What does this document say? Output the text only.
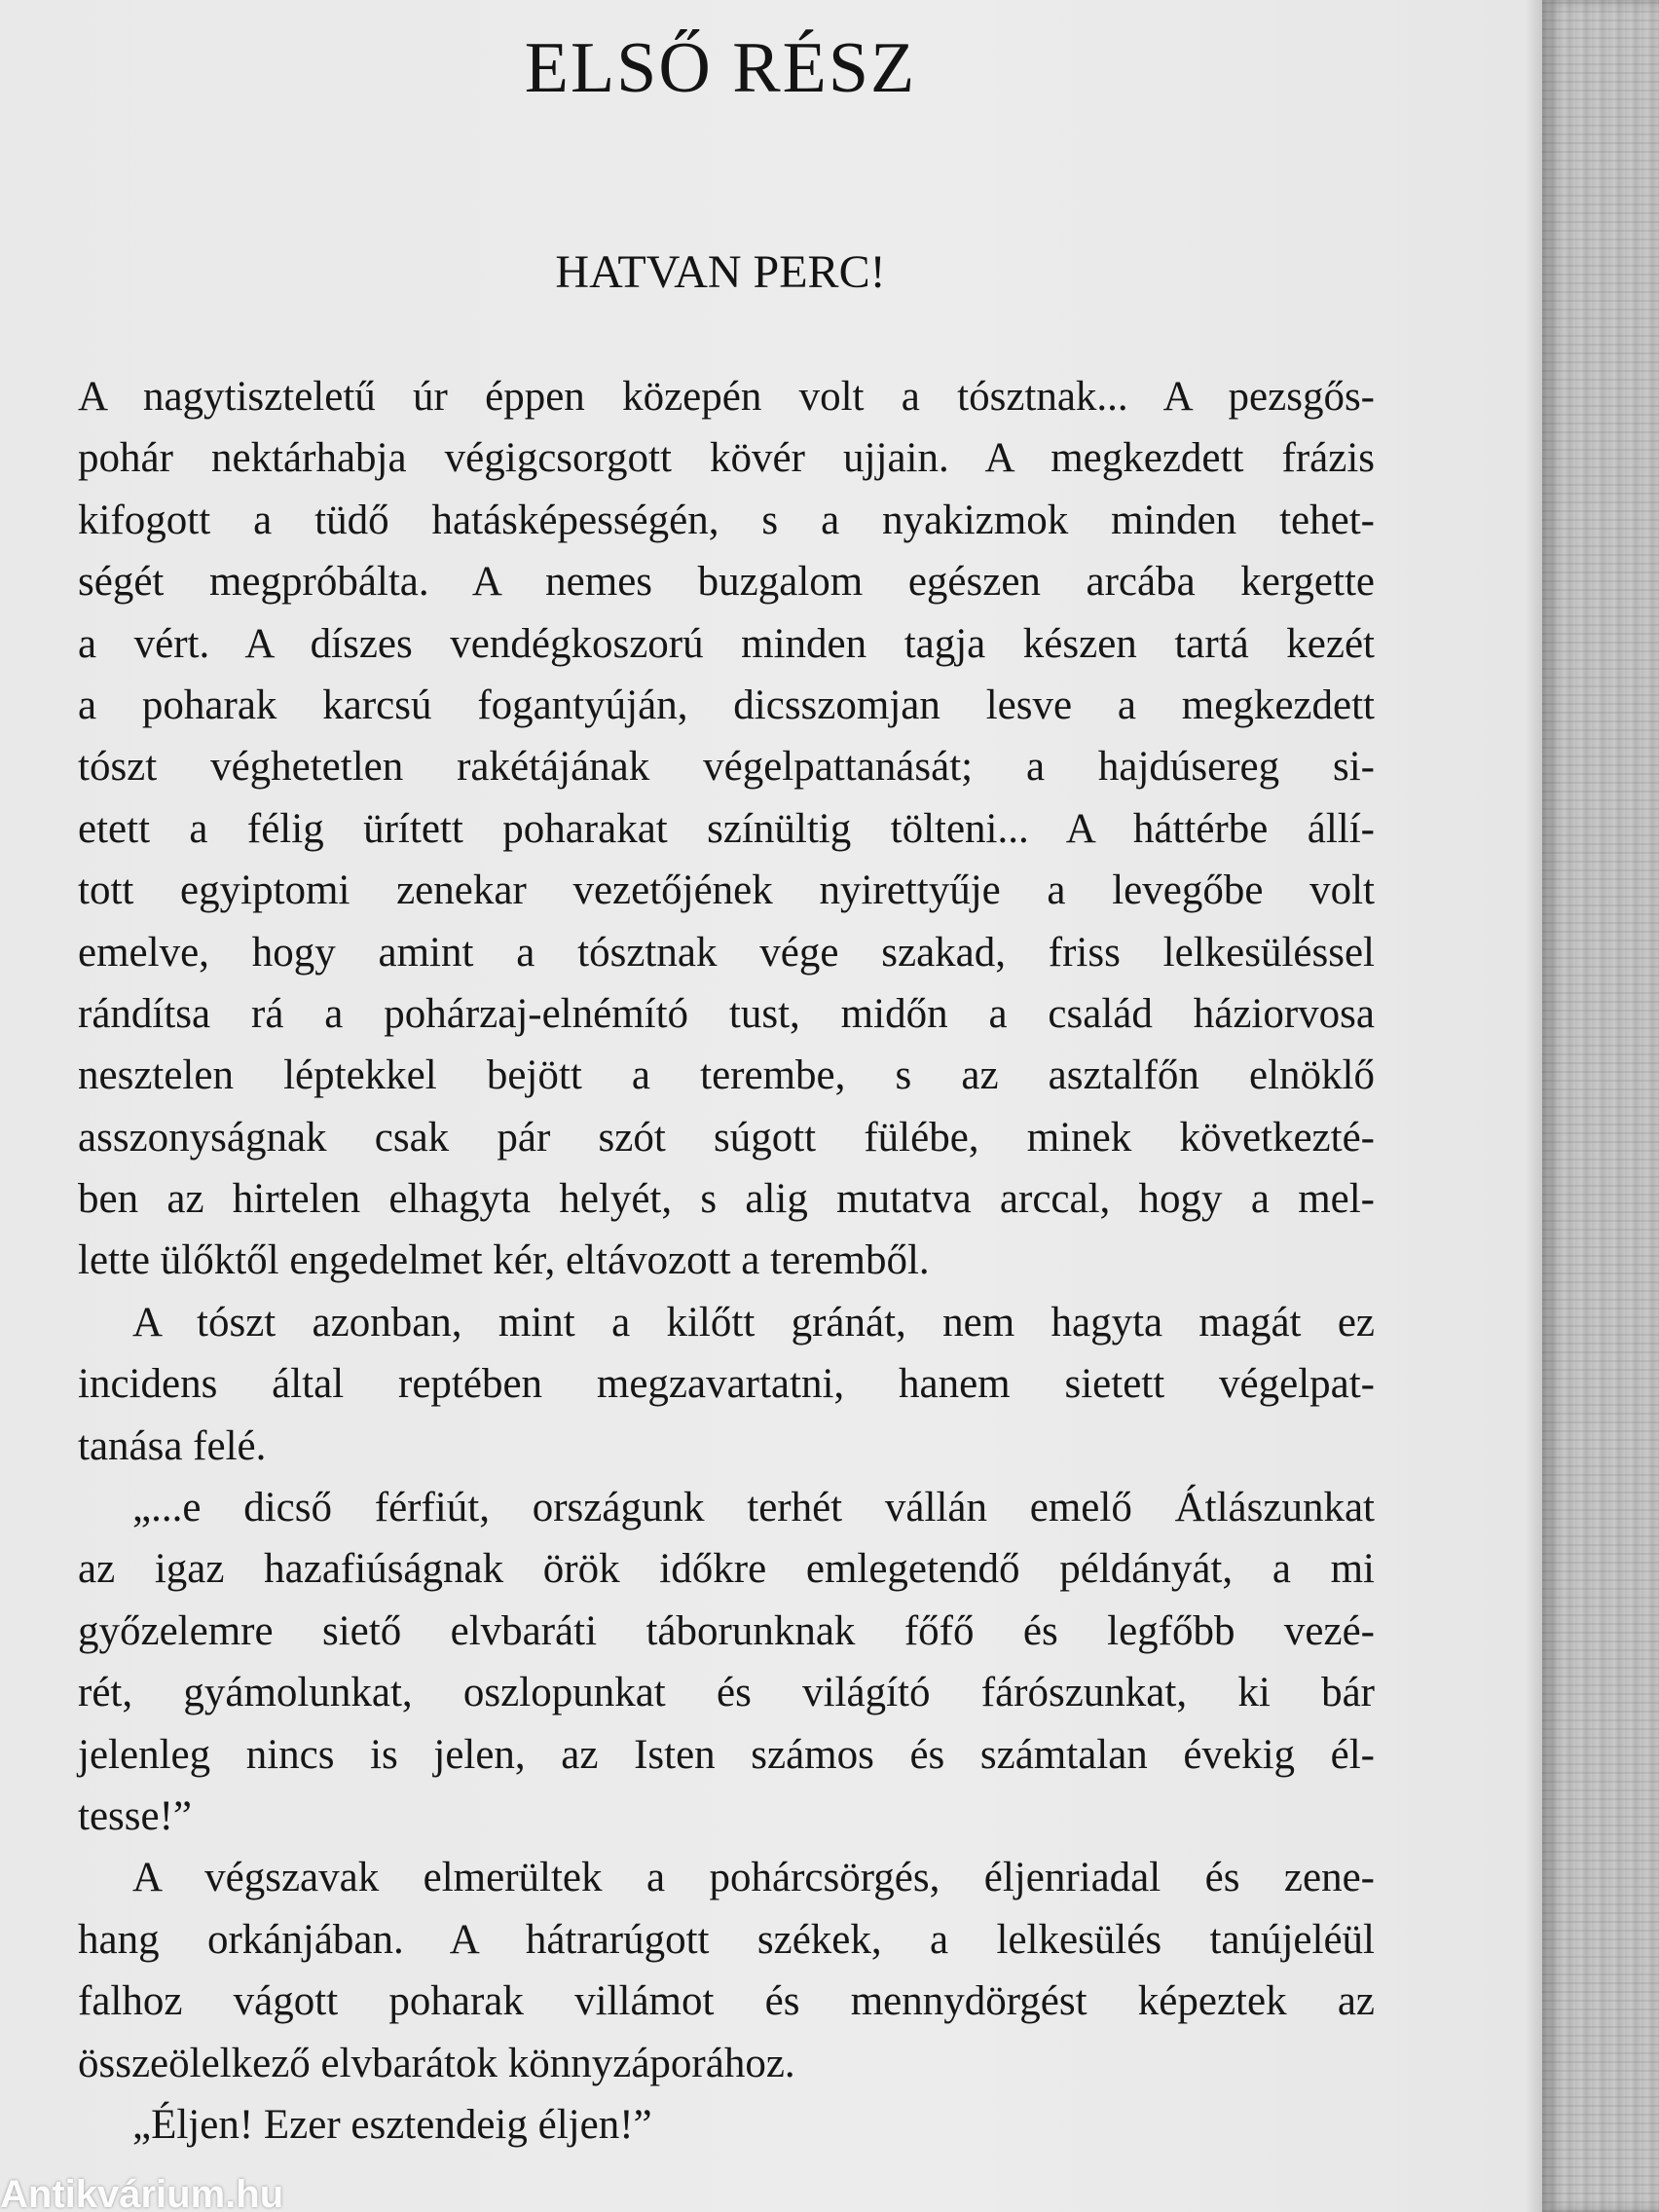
ELSŐ RÉSZ
HATVAN PERC!
A nagytiszteletű úr éppen közepén volt a tósztnak... A pezsgős-
pohár nektárhabja végigcsorgott kövér ujjain. A megkezdett frázis
kifogott a tüdő hatásképességén, s a nyakizmok minden tehet-
ségét megpróbálta. A nemes buzgalom egészen arcába kergette
a vért. A díszes vendégkoszorú minden tagja készen tartá kezét
a poharak karcsú fogantyúján, dicsszomjan lesve a megkezdett
tószt véghetetlen rakétájának végelpattanását; a hajdúsereg si-
etett a félig ürített poharakat színültig tölteni... A háttérbe állí-
tott egyiptomi zenekar vezetőjének nyirettyűje a levegőbe volt
emelve, hogy amint a tósztnak vége szakad, friss lelkesüléssel
rándítsa rá a pohárzaj-elnémító tust, midőn a család háziorvosa
nesztelen léptekkel bejött a terembe, s az asztalfőn elnöklő
asszonyságnak csak pár szót súgott fülébe, minek következté-
ben az hirtelen elhagyta helyét, s alig mutatva arccal, hogy a mel-
lette ülőktől engedelmet kér, eltávozott a teremből.
A tószt azonban, mint a kilőtt gránát, nem hagyta magát ez
incidens által reptében megzavartatni, hanem sietett végelpat-
tanása felé.
„...e dicső férfiút, országunk terhét vállán emelő Átlászunkat
az igaz hazafiúságnak örök időkre emlegetendő példányát, a mi
győzelemre siető elvbaráti táborunknak főfő és legfőbb vezé-
rét, gyámolunkat, oszlopunkat és világító fárószunkat, ki bár
jelenleg nincs is jelen, az Isten számos és számtalan évekig él-
tesse!”
A végszavak elmerültek a pohárcsörgés, éljenriadal és zene-
hang orkánjában. A hátrarúgott székek, a lelkesülés tanújeléül
falhoz vágott poharak villámot és mennydörgést képeztek az
összeölelkező elvbarátok könnyzáporához.
„Éljen! Ezer esztendeig éljen!”
Antikvárium.hu
